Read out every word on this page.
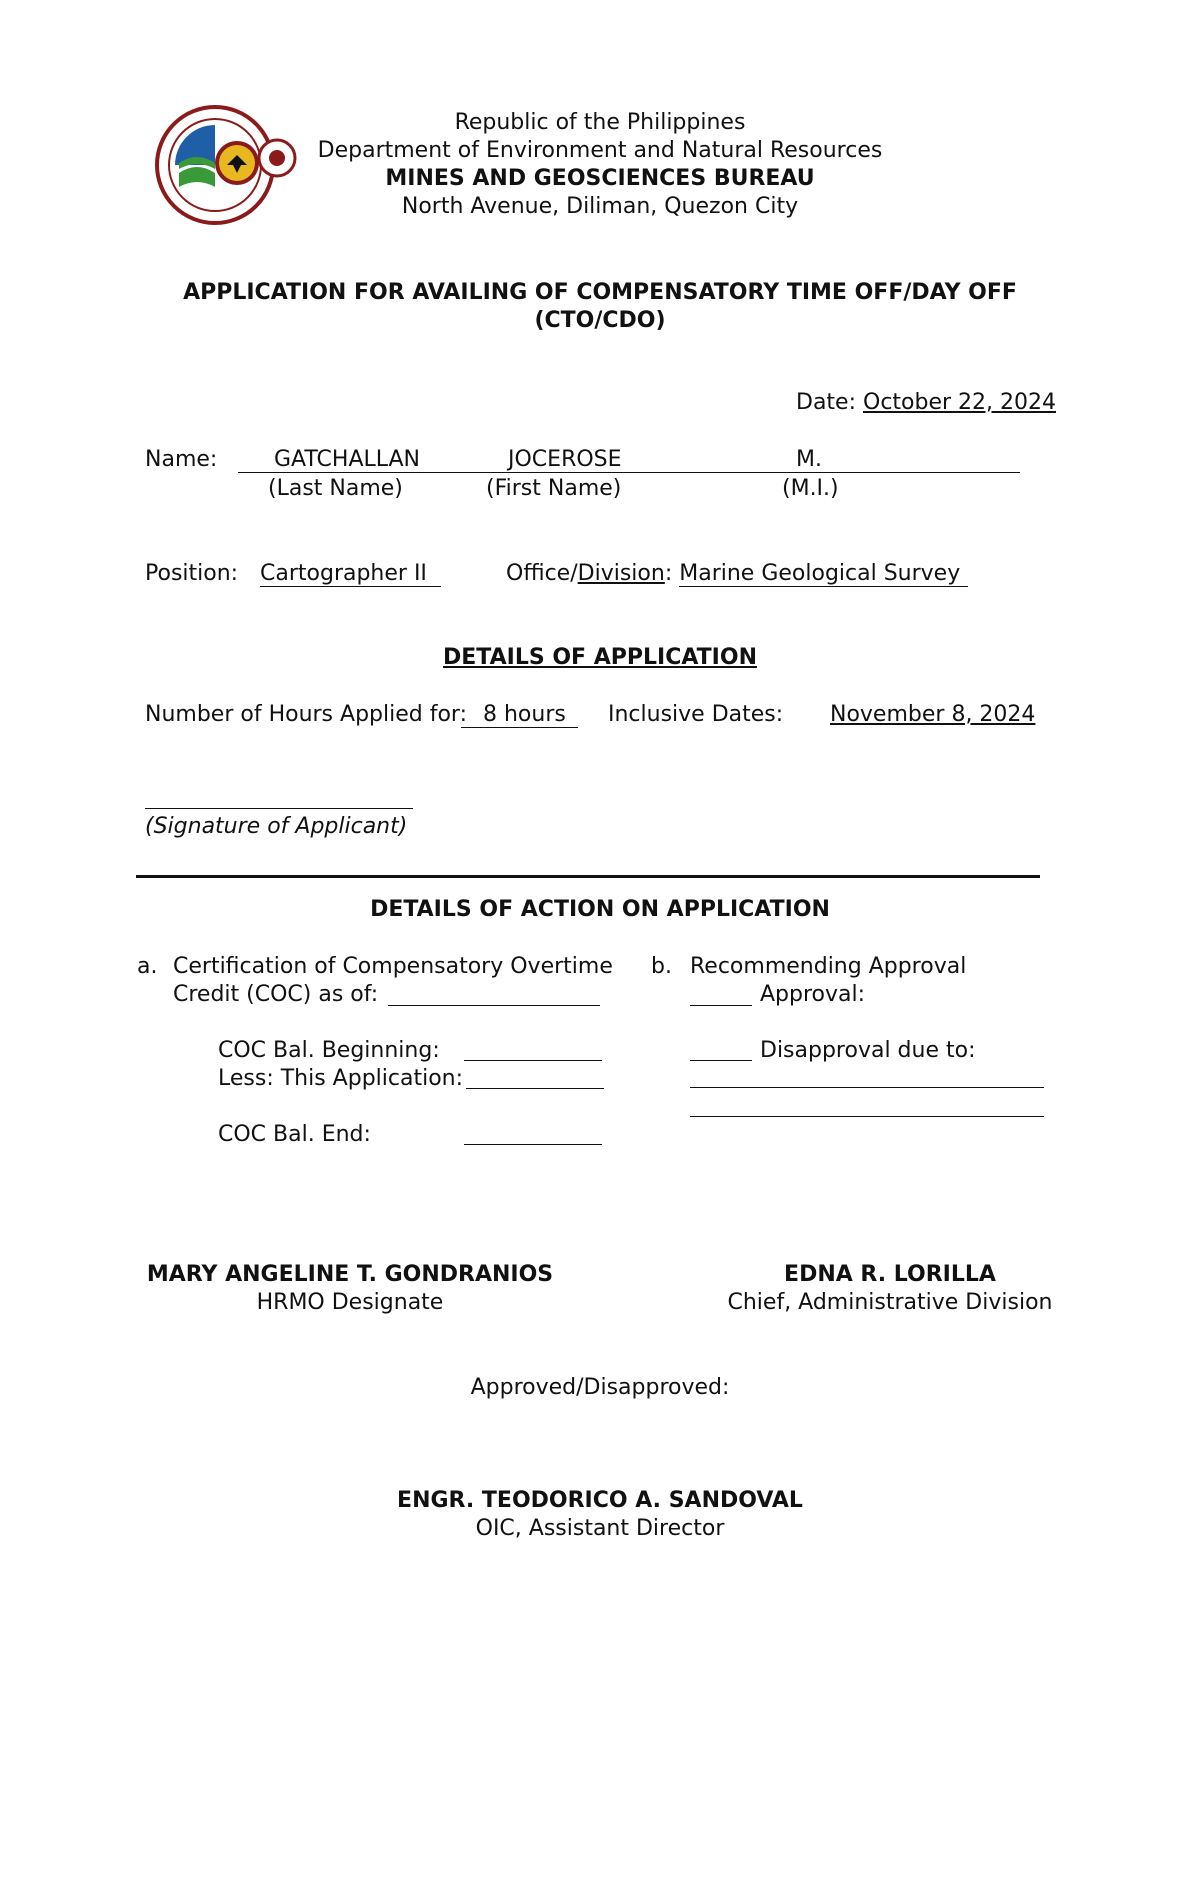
Republic of the Philippines
Department of Environment and Natural Resources
MINES AND GEOSCIENCES BUREAU
North Avenue, Diliman, Quezon City
APPLICATION FOR AVAILING OF COMPENSATORY TIME OFF/DAY OFF
(CTO/CDO)
Date: October 22, 2024
Name:	GATCHALLAN	JOCEROSE	M.
(Last Name)	(First Name)	(M.I.)
Position: Cartographer II	Office/Division: Marine Geological Survey
DETAILS OF APPLICATION
Number of Hours Applied for: 8 hours	Inclusive Dates: November 8, 2024
(Signature of Applicant)
DETAILS OF ACTION ON APPLICATION
a. Certification of Compensatory Overtime
Credit (COC) as of:
COC Bal. Beginning:
Less: This Application:
COC Bal. End:
b. Recommending Approval
Approval:
Disapproval due to:
MARY ANGELINE T. GONDRANIOS
HRMO Designate
EDNA R. LORILLA
Chief, Administrative Division
Approved/Disapproved:
ENGR. TEODORICO A. SANDOVAL
OIC, Assistant Director
